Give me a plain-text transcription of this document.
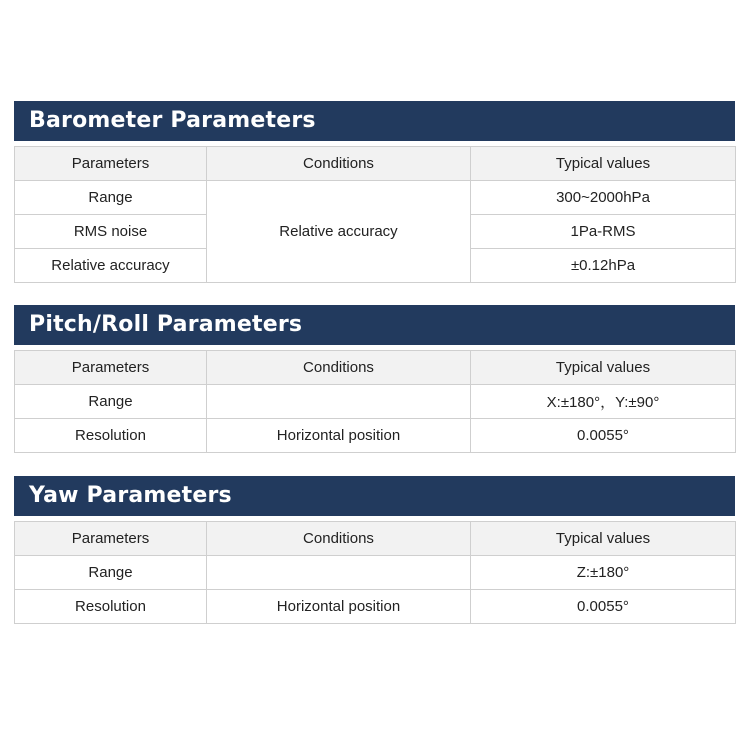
Barometer Parameters
Parameters	Conditions	Typical values
Range	Relative accuracy	300~2000hPa
RMS noise		1Pa-RMS
Relative accuracy		±0.12hPa
Pitch/Roll Parameters
Parameters	Conditions	Typical values
Range		X:±180°，Y:±90°
Resolution	Horizontal position	0.0055°
Yaw Parameters
Parameters	Conditions	Typical values
Range		Z:±180°
Resolution	Horizontal position	0.0055°
